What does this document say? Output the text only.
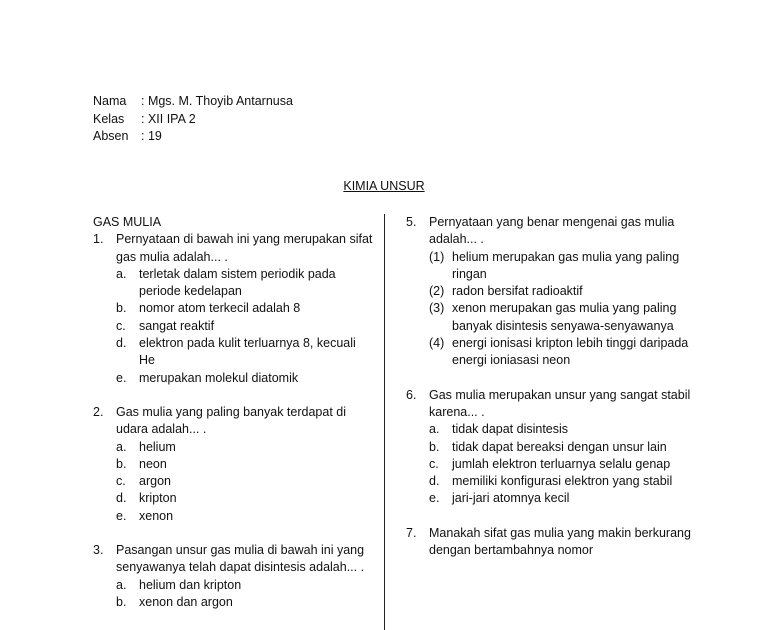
Nama	: Mgs. M. Thoyib Antarnusa
Kelas	: XII IPA 2
Absen	: 19
KIMIA UNSUR
GAS MULIA
1.	Pernyataan di bawah ini yang merupakan sifat gas mulia adalah... .
a.	terletak dalam sistem periodik pada periode kedelapan
b.	nomor atom terkecil adalah 8
c.	sangat reaktif
d.	elektron pada kulit terluarnya 8, kecuali He
e.	merupakan molekul diatomik
2.	Gas mulia yang paling banyak terdapat di udara adalah... .
a.	helium
b.	neon
c.	argon
d.	kripton
e.	xenon
3.	Pasangan unsur gas mulia di bawah ini yang senyawanya telah dapat disintesis adalah... .
a.	helium dan kripton
b.	xenon dan argon
5.	Pernyataan yang benar mengenai gas mulia adalah... .
(1) helium merupakan gas mulia yang paling ringan
(2) radon bersifat radioaktif
(3) xenon merupakan gas mulia yang paling banyak disintesis senyawa-senyawanya
(4) energi ionisasi kripton lebih tinggi daripada energi ioniasasi neon
6.	Gas mulia merupakan unsur yang sangat stabil karena... .
a.	tidak dapat disintesis
b.	tidak dapat bereaksi dengan unsur lain
c.	jumlah elektron terluarnya selalu genap
d.	memiliki konfigurasi elektron yang stabil
e.	jari-jari atomnya kecil
7.	Manakah sifat gas mulia yang makin berkurang dengan bertambahnya nomor
